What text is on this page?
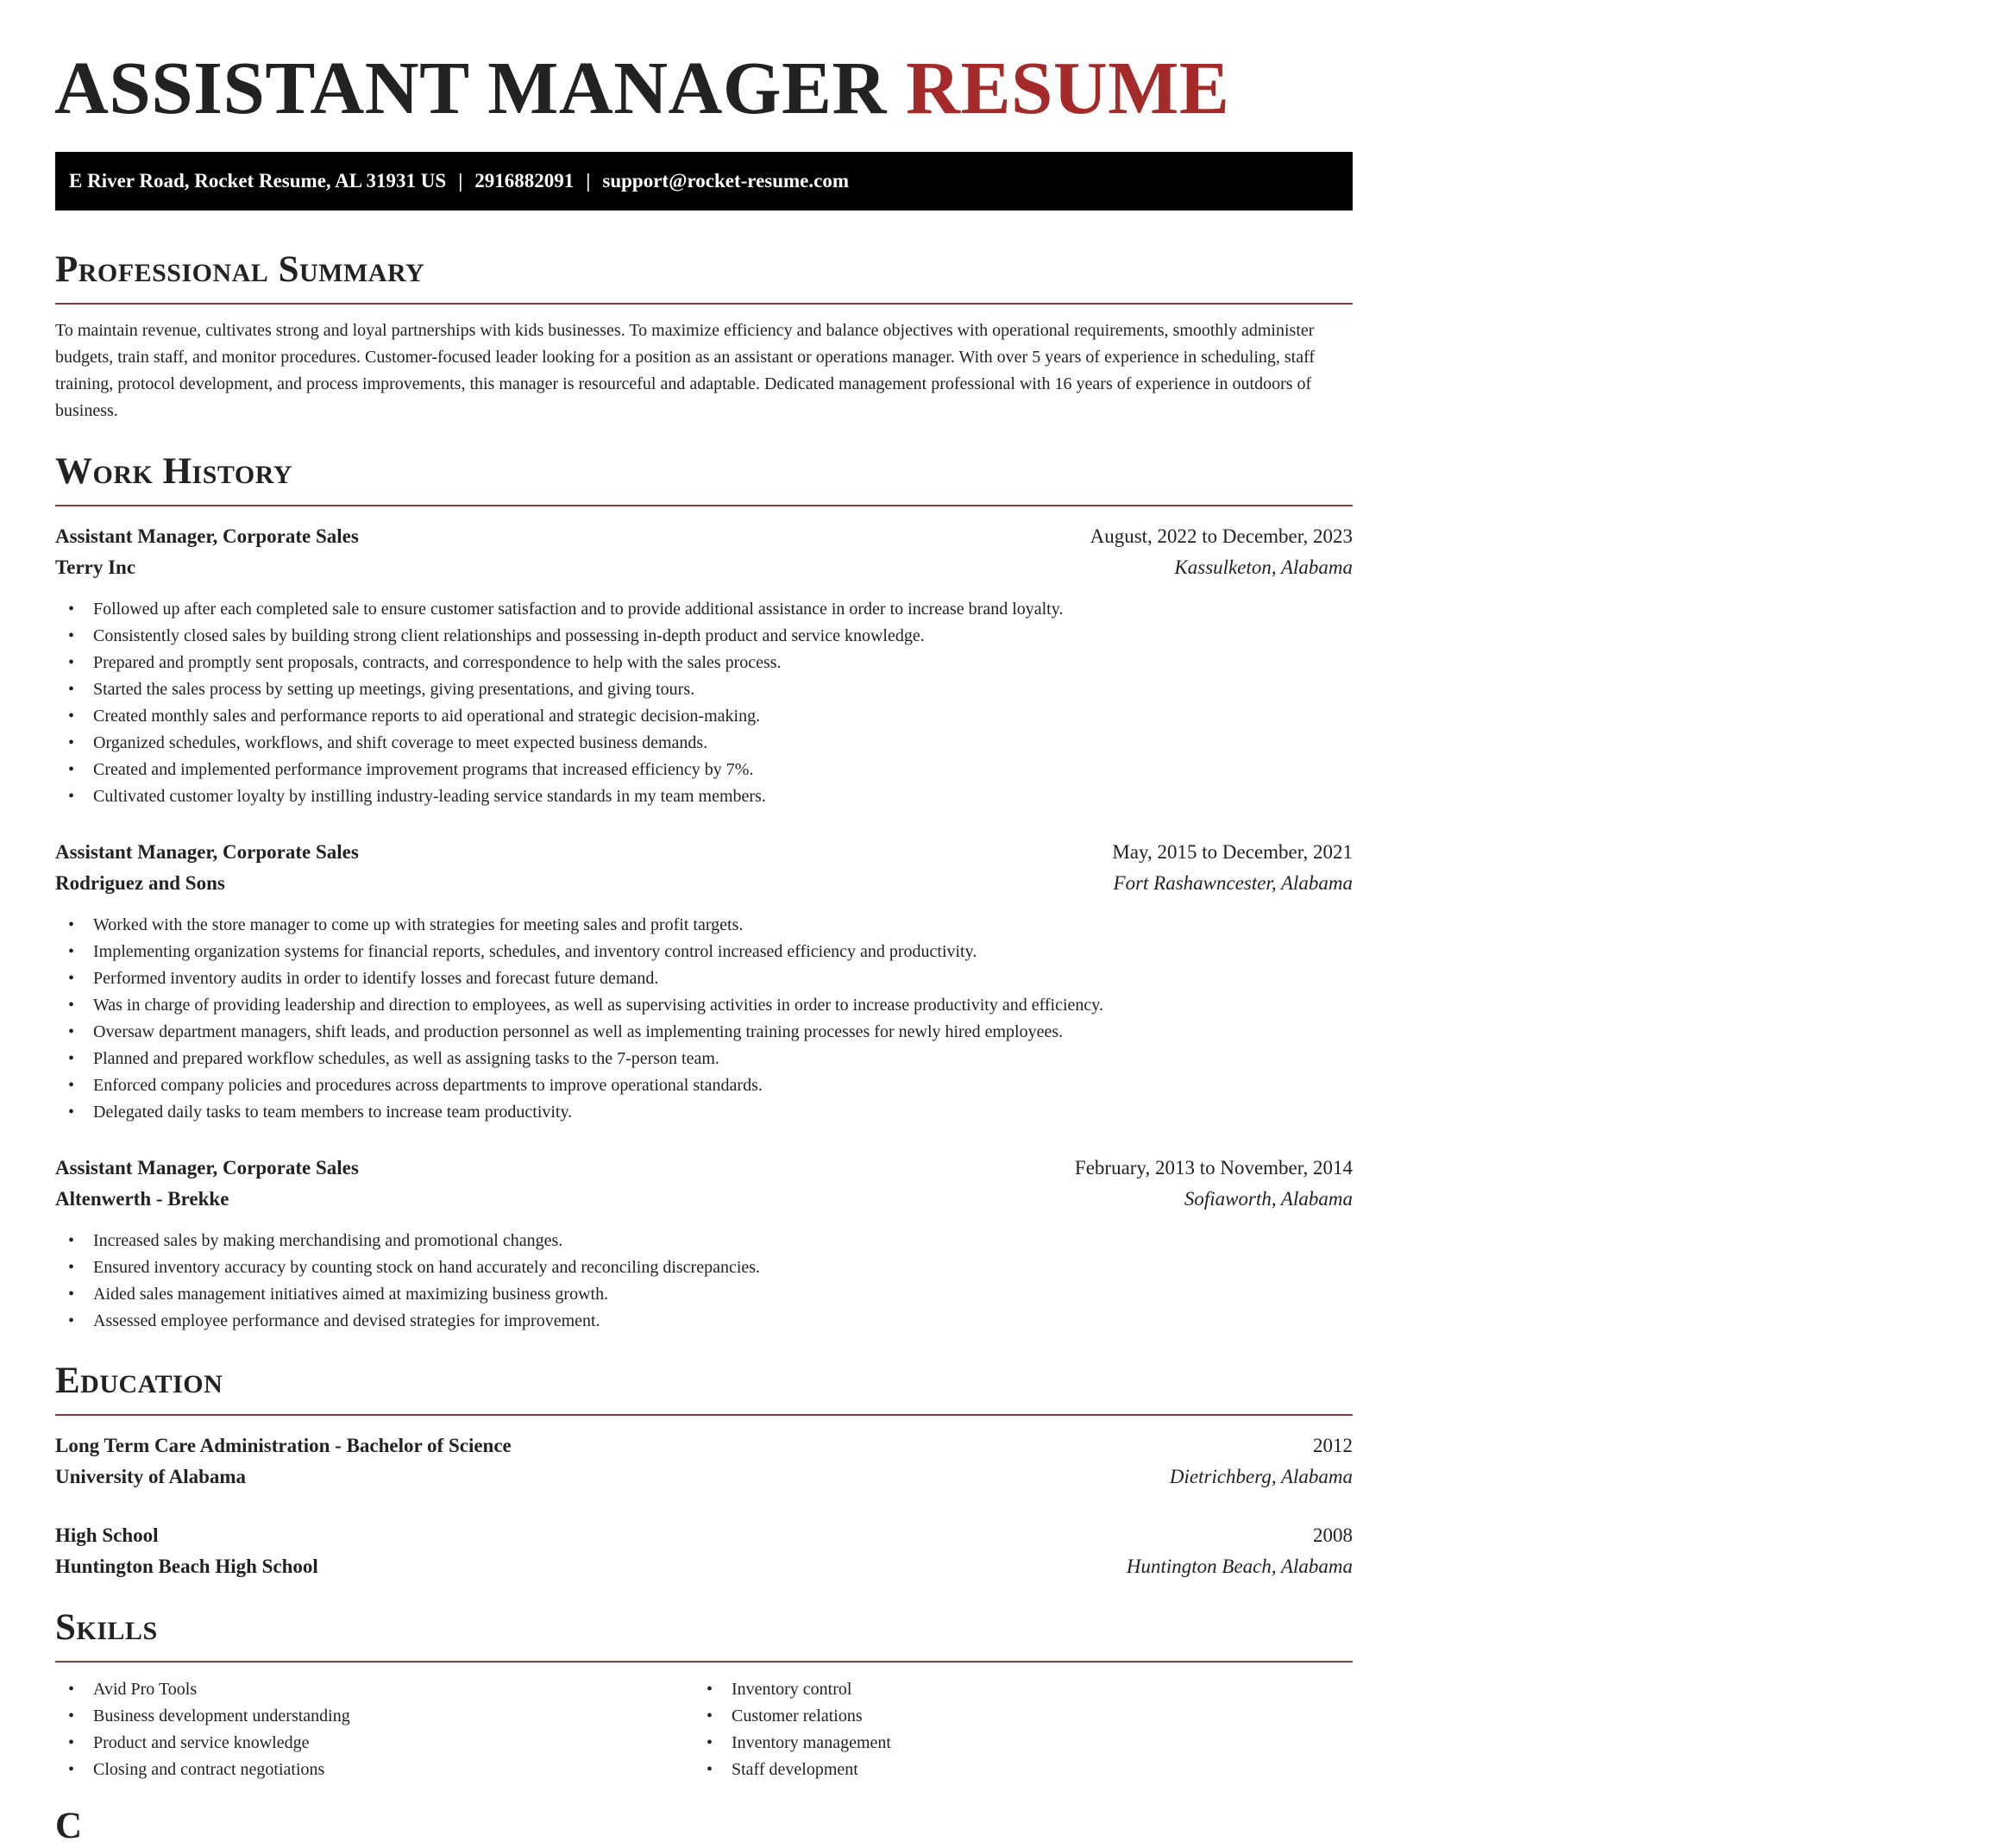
ASSISTANT MANAGER RESUME
E River Road, Rocket Resume, AL 31931 US | 2916882091 | support@rocket-resume.com
Professional Summary

To maintain revenue, cultivates strong and loyal partnerships with kids businesses. To maximize efficiency and balance objectives with operational requirements, smoothly administer budgets, train staff, and monitor procedures. Customer-focused leader looking for a position as an assistant or operations manager. With over 5 years of experience in scheduling, staff training, protocol development, and process improvements, this manager is resourceful and adaptable. Dedicated management professional with 16 years of experience in outdoors of business.

Work History
Assistant Manager, Corporate Sales	August, 2022 to December, 2023
Terry Inc	Kassulketon, Alabama
• Followed up after each completed sale to ensure customer satisfaction and to provide additional assistance in order to increase brand loyalty.
• Consistently closed sales by building strong client relationships and possessing in-depth product and service knowledge.
• Prepared and promptly sent proposals, contracts, and correspondence to help with the sales process.
• Started the sales process by setting up meetings, giving presentations, and giving tours.
• Created monthly sales and performance reports to aid operational and strategic decision-making.
• Organized schedules, workflows, and shift coverage to meet expected business demands.
• Created and implemented performance improvement programs that increased efficiency by 7%.
• Cultivated customer loyalty by instilling industry-leading service standards in my team members.
Assistant Manager, Corporate Sales	May, 2015 to December, 2021
Rodriguez and Sons	Fort Rashawncester, Alabama
• Worked with the store manager to come up with strategies for meeting sales and profit targets.
• Implementing organization systems for financial reports, schedules, and inventory control increased efficiency and productivity.
• Performed inventory audits in order to identify losses and forecast future demand.
• Was in charge of providing leadership and direction to employees, as well as supervising activities in order to increase productivity and efficiency.
• Oversaw department managers, shift leads, and production personnel as well as implementing training processes for newly hired employees.
• Planned and prepared workflow schedules, as well as assigning tasks to the 7-person team.
• Enforced company policies and procedures across departments to improve operational standards.
• Delegated daily tasks to team members to increase team productivity.
Assistant Manager, Corporate Sales	February, 2013 to November, 2014
Altenwerth - Brekke	Sofiaworth, Alabama
• Increased sales by making merchandising and promotional changes.
• Ensured inventory accuracy by counting stock on hand accurately and reconciling discrepancies.
• Aided sales management initiatives aimed at maximizing business growth.
• Assessed employee performance and devised strategies for improvement.
Education
Long Term Care Administration - Bachelor of Science	2012
University of Alabama	Dietrichberg, Alabama
High School	2008
Huntington Beach High School	Huntington Beach, Alabama
Skills
• Avid Pro Tools
• Business development understanding
• Product and service knowledge
• Closing and contract negotiations
• Inventory control
• Customer relations
• Inventory management
• Staff development
C
